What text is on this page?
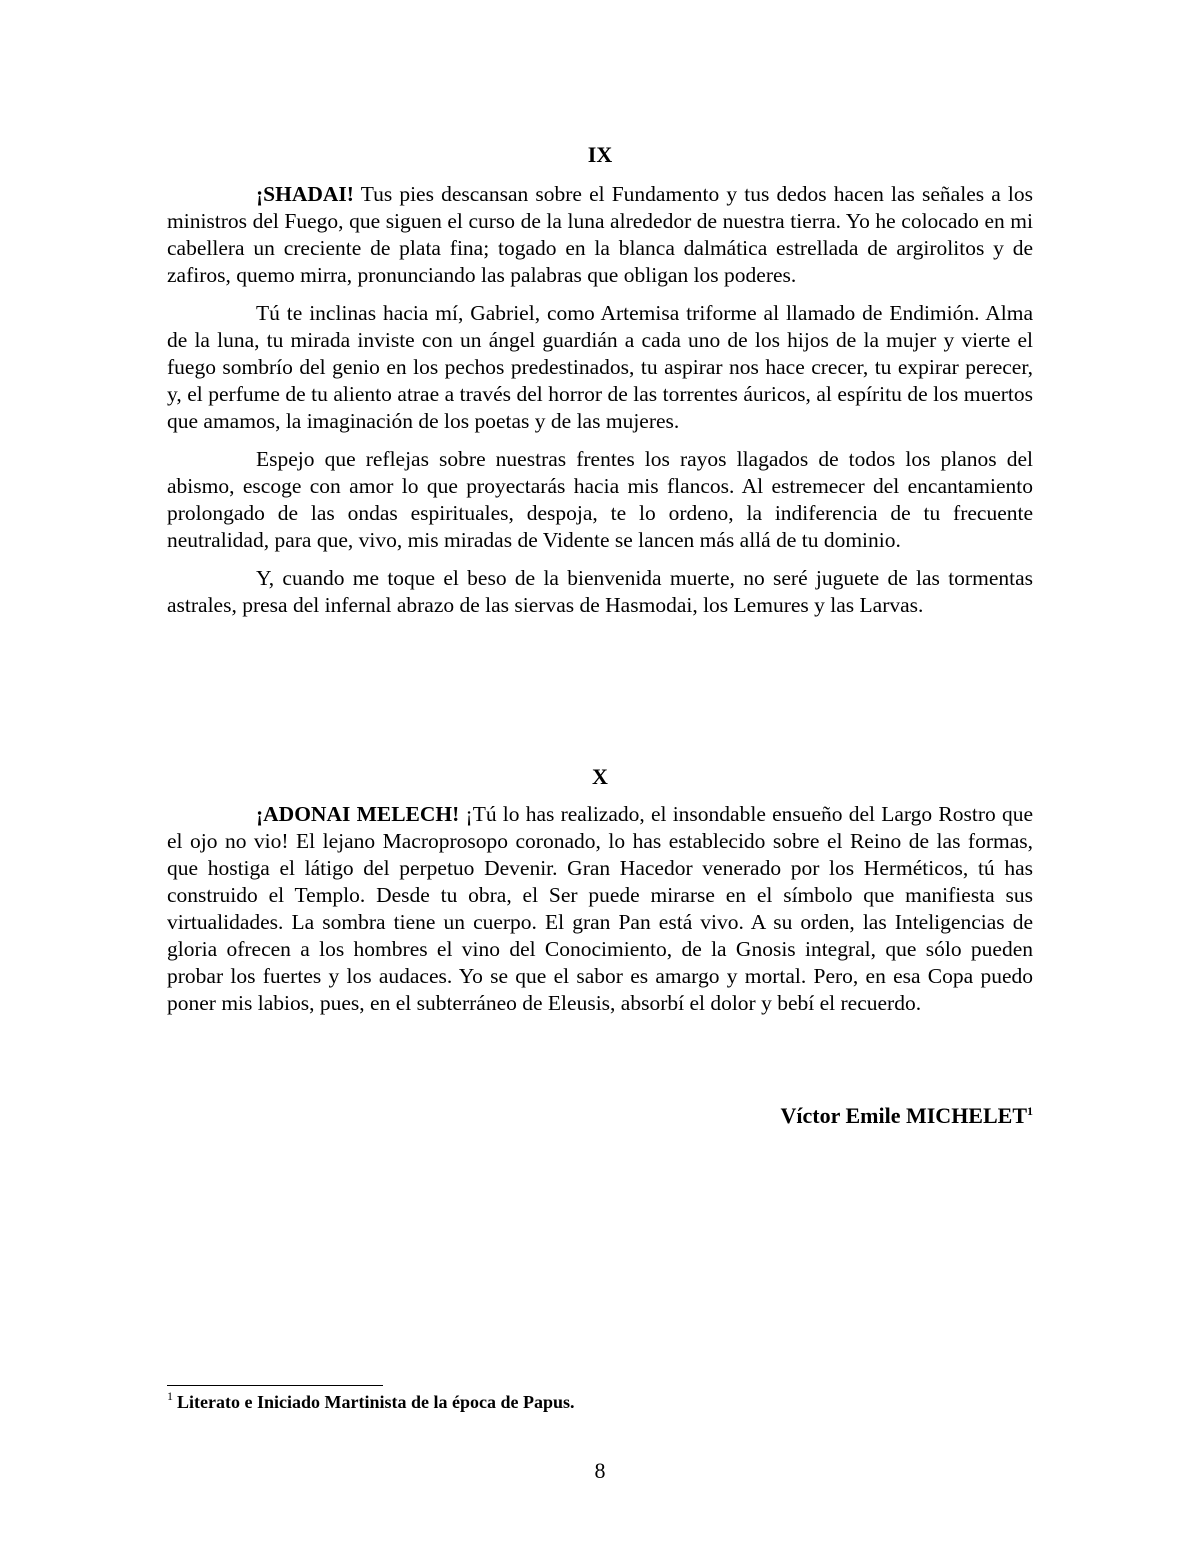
IX

¡SHADAI! Tus pies descansan sobre el Fundamento y tus dedos hacen las señales a los ministros del Fuego, que siguen el curso de la luna alrededor de nuestra tierra. Yo he colocado en mi cabellera un creciente de plata fina; togado en la blanca dalmática estrellada de argirolitos y de zafiros, quemo mirra, pronunciando las palabras que obligan los poderes.

Tú te inclinas hacia mí, Gabriel, como Artemisa triforme al llamado de Endimión. Alma de la luna, tu mirada inviste con un ángel guardián a cada uno de los hijos de la mujer y vierte el fuego sombrío del genio en los pechos predestinados, tu aspirar nos hace crecer, tu expirar perecer, y, el perfume de tu aliento atrae a través del horror de las torrentes áuricos, al espíritu de los muertos que amamos, la imaginación de los poetas y de las mujeres.

Espejo que reflejas sobre nuestras frentes los rayos llagados de todos los planos del abismo, escoge con amor lo que proyectarás hacia mis flancos. Al estremecer del encantamiento prolongado de las ondas espirituales, despoja, te lo ordeno, la indiferencia de tu frecuente neutralidad, para que, vivo, mis miradas de Vidente se lancen más allá de tu dominio.

Y, cuando me toque el beso de la bienvenida muerte, no seré juguete de las tormentas astrales, presa del infernal abrazo de las siervas de Hasmodai, los Lemures y las Larvas.

X

¡ADONAI MELECH! ¡Tú lo has realizado, el insondable ensueño del Largo Rostro que el ojo no vio! El lejano Macroprosopo coronado, lo has establecido sobre el Reino de las formas, que hostiga el látigo del perpetuo Devenir. Gran Hacedor venerado por los Herméticos, tú has construido el Templo. Desde tu obra, el Ser puede mirarse en el símbolo que manifiesta sus virtualidades. La sombra tiene un cuerpo. El gran Pan está vivo. A su orden, las Inteligencias de gloria ofrecen a los hombres el vino del Conocimiento, de la Gnosis integral, que sólo pueden probar los fuertes y los audaces. Yo se que el sabor es amargo y mortal. Pero, en esa Copa puedo poner mis labios, pues, en el subterráneo de Eleusis, absorbí el dolor y bebí el recuerdo.

Víctor Emile MICHELET$^1$
$^1$ Literato e Iniciado Martinista de la época de Papus.
8
